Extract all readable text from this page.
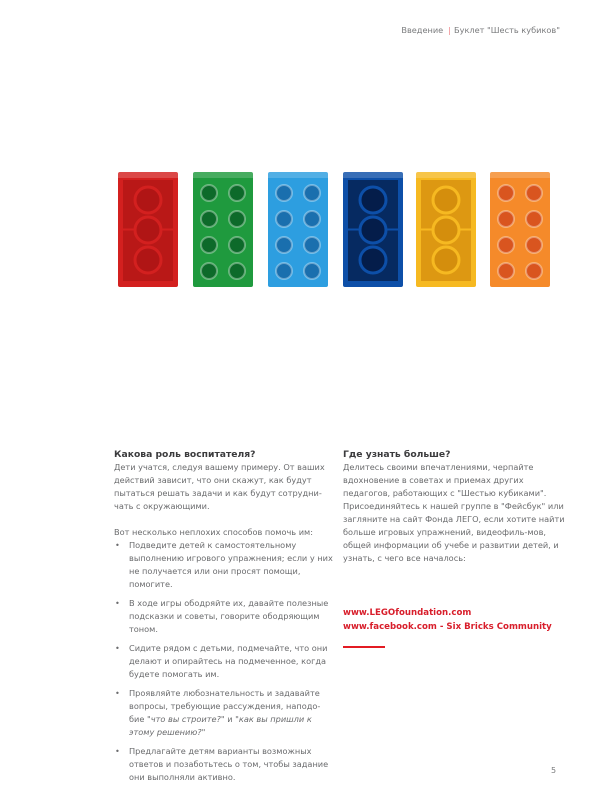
Введение | Буклет "Шесть кубиков"
Какова роль воспитателя?

Дети учатся, следуя вашему примеру. От ваших действий зависит, что они скажут, как будут пытаться решать задачи и как будут сотрудни-чать с окружающими.

Вот несколько неплохих способов помочь им:

• Подведите детей к самостоятельному выполнению игрового упражнения; если у них не получается или они просят помощи, помогите.
• В ходе игры ободряйте их, давайте полезные подсказки и советы, говорите ободряющим тоном.
• Сидите рядом с детьми, подмечайте, что они делают и опирайтесь на подмеченное, когда будете помогать им.
• Проявляйте любознательность и задавайте вопросы, требующие рассуждения, наподо-бие "что вы строите?" и "как вы пришли к этому решению?"
• Предлагайте детям варианты возможных ответов и позаботьтесь о том, чтобы задание они выполняли активно.
Где узнать больше?

Делитесь своими впечатлениями, черпайте вдохновение в советах и приемах других педагогов, работающих с "Шестью кубиками". Присоединяйтесь к нашей группе в "Фейсбук" или загляните на сайт Фонда ЛЕГО, если хотите найти больше игровых упражнений, видеофиль-мов, общей информации об учебе и развитии детей, и узнать, с чего все началось:

www.LEGOfoundation.com
www.facebook.com - Six Bricks Community
5
